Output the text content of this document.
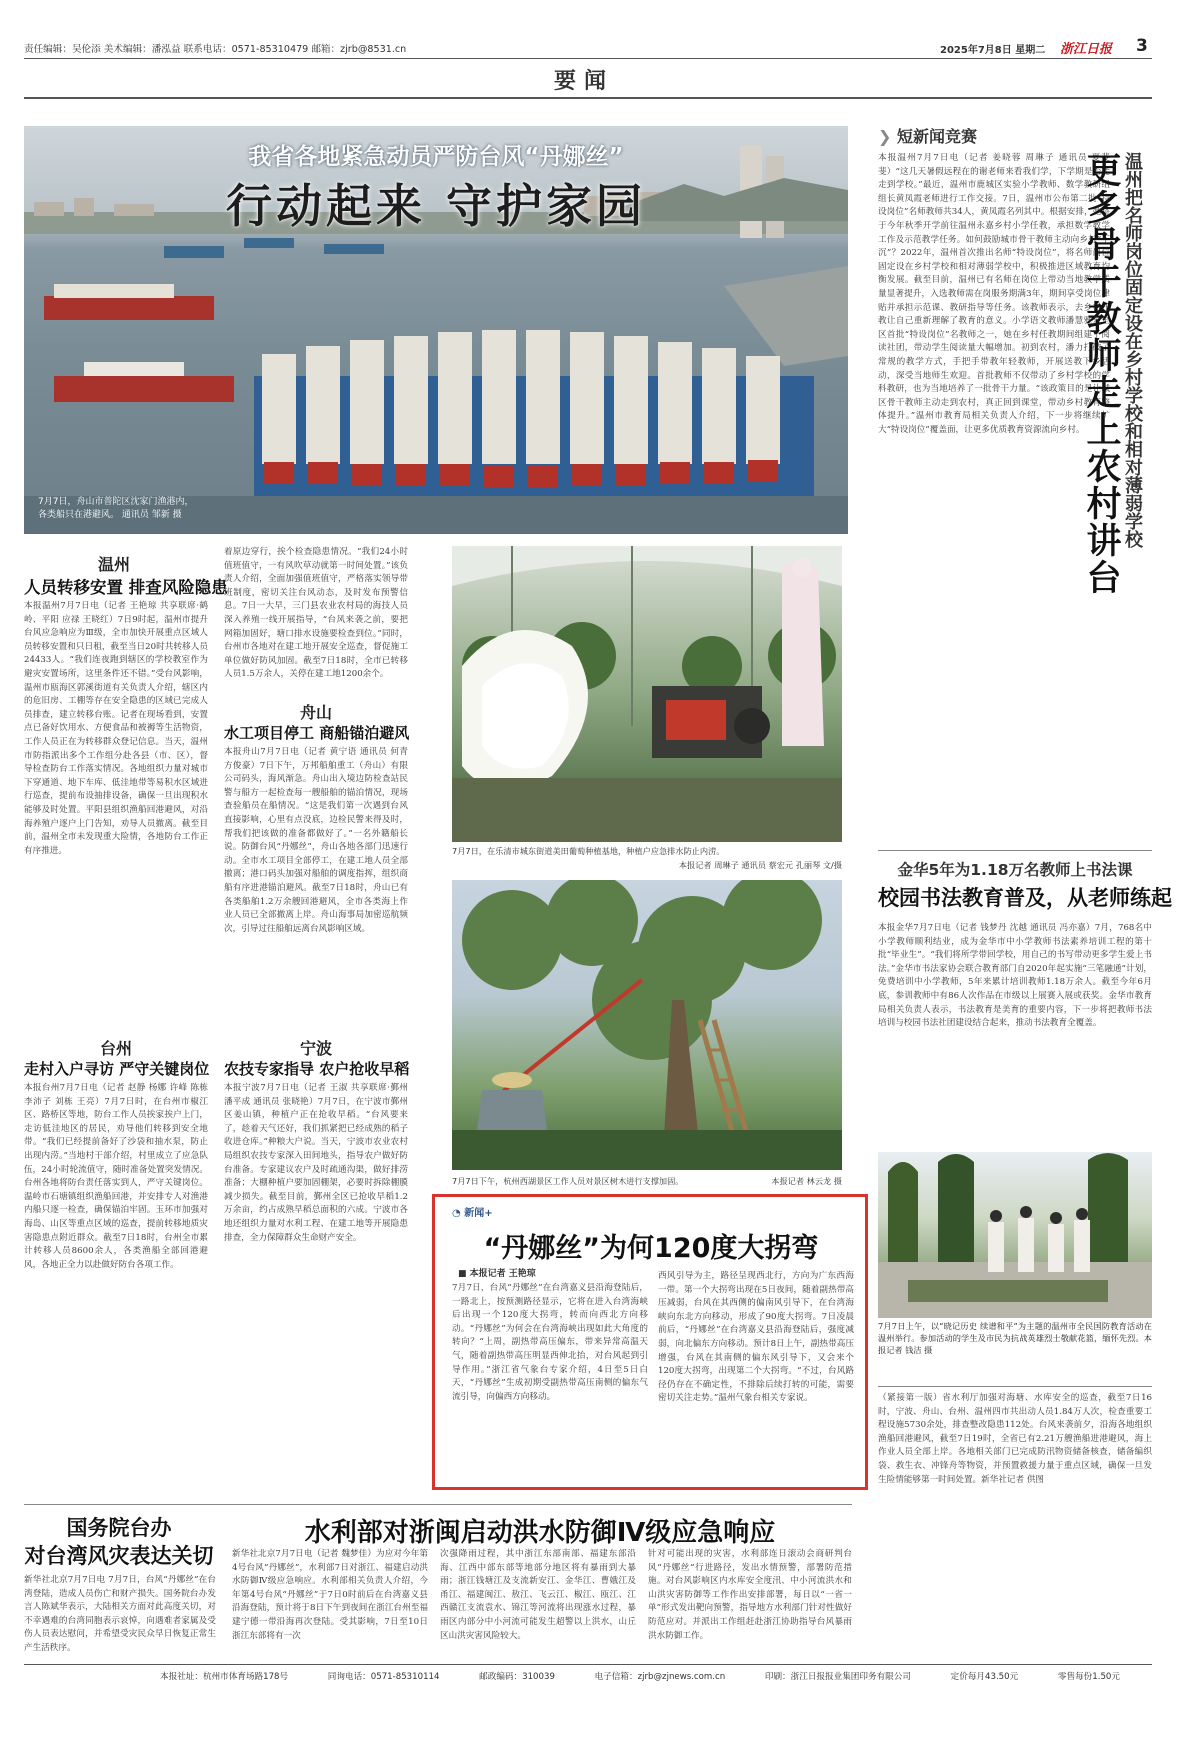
责任编辑：吴伦添 美术编辑：潘泓益 联系电话：0571-85310479 邮箱：zjrb@8531.cn	2025年7月8日 星期二 浙江日报 3
要闻
我省各地紧急动员严防台风“丹娜丝”
行动起来 守护家园
7月7日，舟山市普陀区沈家门渔港内，
各类船只在港避风。 通讯员 邹新 摄
❯ 短新闻竞赛
本报温州7月7日电（记者 姜晓蓉 周琳子 通讯员 夏斐斐）“这几天暑假远程在的谢老师来看我们学，下学期是否能走到学校。”最近，温州市鹿城区实验小学教师、数学教研组组长黄凤霞老师进行工作交接。7日，温州市公布第二批“特设岗位”名师教师共34人，黄凤霞名列其中。根据安排，她将于今年秋季开学前往温州永嘉乡村小学任教，承担数学教学工作及示范教学任务。如何鼓励城市骨干教师主动向乡村“下沉”？2022年，温州首次推出名师“特设岗位”，将名师岗位固定设在乡村学校和相对薄弱学校中，积极推进区域教育均衡发展。截至目前，温州已有名师在岗位上带动当地教学质量显著提升，入选教师需在岗服务期满3年，期间享受岗位津贴并承担示范课、教研指导等任务。该教师表示，去乡村任教让自己重新理解了教育的意义。小学语文教师潘慧雅是全区首批“特设岗位”名教师之一，她在乡村任教期间组建了阅读社团，带动学生阅读量大幅增加。初到农村，潘力打破了常规的教学方式，手把手带教年轻教师，开展送教下乡活动，深受当地师生欢迎。首批教师不仅带动了乡村学校的学科教研，也为当地培养了一批骨干力量。“该政策目的是让城区骨干教师主动走到农村，真正回到课堂，带动乡村教育整体提升。”温州市教育局相关负责人介绍，下一步将继续扩大“特设岗位”覆盖面，让更多优质教育资源流向乡村。	温州把名师岗位固定设在乡村学校和相对薄弱学校
更多骨干教师走上农村讲台
金华5年为1.18万名教师上书法课
校园书法教育普及，从老师练起
本报金华7月7日电（记者 钱梦丹 沈越 通讯员 冯亦嘉）7月，768名中小学教师顺利结业，成为金华市中小学教师书法素养培训工程的第十批“毕业生”。“我们将所学带回学校，用自己的书写带动更多学生爱上书法。”金华市书法家协会联合教育部门自2020年起实施“三笔融通”计划，免费培训中小学教师，5年来累计培训教师1.18万余人。截至今年6月底，参训教师中有86人次作品在市级以上展赛入展或获奖。金华市教育局相关负责人表示，书法教育是美育的重要内容，下一步将把教师书法培训与校园书法社团建设结合起来，推动书法教育全覆盖。
7月7日上午，以“晓记历史 续谱和平”为主题的温州市全民国防教育活动在温州举行。参加活动的学生及市民为抗战英雄烈士敬献花篮，缅怀先烈。本报记者 钱洁 摄
（紧接第一版）省水利厅加强对海塘、水库安全的巡查，截至7日16时，宁波、舟山、台州、温州四市共出动人员1.84万人次，检查重要工程设施5730余处，排查整改隐患112处。台风来袭前夕，沿海各地组织渔船回港避风，截至7日19时，全省已有2.21万艘渔船进港避风，海上作业人员全部上岸。各地相关部门已完成防汛物资储备核查，储备编织袋、救生衣、冲锋舟等物资，并预置救援力量于重点区域，确保一旦发生险情能够第一时间处置。新华社记者 供图
温州
人员转移安置 排查风险隐患
本报温州7月7日电（记者 王艳琼 共享联席·鹤岭、平阳 应禄 王晓红）7日9时起，温州市提升台风应急响应为Ⅲ级，全市加快开展重点区域人员转移安置和只日租，截至当日20时共转移人员24433人。“我们连夜跑到辖区的学校教室作为避灾安置场所，这里条件还不错。”受台风影响，温州市瓯海区郭溪街道有关负责人介绍，辖区内的危旧房、工棚等存在安全隐患的区域已完成人员排查，建立转移台账。记者在现场看到，安置点已备好饮用水、方便食品和被褥等生活物资，工作人员正在为转移群众登记信息。当天，温州市防指派出多个工作组分赴各县（市、区），督导检查防台工作落实情况。各地组织力量对城市下穿通道、地下车库、低洼地带等易积水区域进行巡查，提前布设抽排设备，确保一旦出现积水能够及时处置。平阳县组织渔船回港避风，对沿海养殖户逐户上门告知，劝导人员撤离。截至目前，温州全市未发现重大险情，各地防台工作正有序推进。
着原边穿行，挨个检查隐患情况。“我们24小时值班值守，一有风吹草动就第一时间处置。”该负责人介绍，全面加强值班值守，严格落实领导带班制度，密切关注台风动态，及时发布预警信息。7日一大早，三门县农业农村局的海技人员深入养殖一线开展指导，“台风来袭之前，要把网箱加固好，塘口排水设施要检查到位。”同时，台州市各地对在建工地开展安全巡查，督促施工单位做好防风加固。截至7日18时，全市已转移人员1.5万余人，关停在建工地1200余个。
舟山
水工项目停工 商船锚泊避风
本报舟山7月7日电（记者 黄宁语 通讯员 何青 方俊豪）7日下午，万邦船舶重工（舟山）有限公司码头，海风渐急。舟山出入境边防检查站民警与船方一起检查每一艘船舶的锚泊情况，现场查验船员在船情况。“这是我们第一次遇到台风直接影响，心里有点没底，边检民警来得及时，帮我们把该做的准备都做好了。”一名外籍船长说。防御台风“丹娜丝”，舟山各地各部门迅速行动。全市水工项目全部停工，在建工地人员全部撤离；港口码头加强对船舶的调度指挥，组织商船有序进港锚泊避风。截至7日18时，舟山已有各类船舶1.2万余艘回港避风，全市各类海上作业人员已全部撤离上岸。舟山海事局加密巡航频次，引导过往船舶远离台风影响区域。
7月7日，在乐清市城东街道美田葡萄种植基地，种植户应急排水防止内涝。
本报记者 周琳子 通讯员 蔡宏元 孔丽琴 文/摄
7月7日下午，杭州西湖景区工作人员对景区树木进行支撑加固。	本报记者 林云龙 摄
台州
走村入户寻访 严守关键岗位
本报台州7月7日电（记者 赵静 杨娜 许峰 陈栋 李沛子 刘栋 王亮）7月7日时，在台州市椒江区、路桥区等地，防台工作人员挨家挨户上门，走访低洼地区的居民，劝导他们转移到安全地带。“我们已经提前备好了沙袋和抽水泵，防止出现内涝。”当地村干部介绍，村里成立了应急队伍，24小时轮流值守，随时准备处置突发情况。台州各地将防台责任落实到人，严守关键岗位。温岭市石塘镇组织渔船回港，并安排专人对渔港内船只逐一检查，确保锚泊牢固。玉环市加强对海岛、山区等重点区域的巡查，提前转移地质灾害隐患点附近群众。截至7日18时，台州全市累计转移人员8600余人，各类渔船全部回港避风，各地正全力以赴做好防台各项工作。
宁波
农技专家指导 农户抢收早稻
本报宁波7月7日电（记者 王淑 共享联席·鄞州 潘平成 通讯员 张晓艳）7月7日，在宁波市鄞州区姜山镇，种植户正在抢收早稻。“台风要来了，趁着天气还好，我们抓紧把已经成熟的稻子收进仓库。”种粮大户说。当天，宁波市农业农村局组织农技专家深入田间地头，指导农户做好防台准备。专家建议农户及时疏通沟渠，做好排涝准备；大棚种植户要加固棚架，必要时拆除棚膜减少损失。截至目前，鄞州全区已抢收早稻1.2万余亩，约占成熟早稻总面积的六成。宁波市各地还组织力量对水利工程、在建工地等开展隐患排查，全力保障群众生命财产安全。
◔ 新闻+
“丹娜丝”为何120度大拐弯
■ 本报记者 王艳琼
7月7日，台风“丹娜丝”在台湾嘉义县沿海登陆后，一路北上，按预测路径显示，它将在进入台湾海峡后出现一个120度大拐弯，转而向西北方向移动。“丹娜丝”为何会在台湾海峡出现如此大角度的转向？“上周，副热带高压偏东，带来异常高温天气，随着副热带高压明显西伸北抬，对台风起到引导作用。”浙江省气象台专家介绍，4日至5日白天，“丹娜丝”生成初期受副热带高压南侧的偏东气流引导，向偏西方向移动。
西风引导为主，路径呈现西北行，方向为广东西海一带。第一个大拐弯出现在5日夜间，随着副热带高压减弱，台风在其西侧的偏南风引导下，在台湾海峡向东北方向移动，形成了90度大拐弯。7日凌晨前后，“丹娜丝”在台湾嘉义县沿海登陆后，强度减弱，向北偏东方向移动。预计8日上午，副热带高压增强，台风在其南侧的偏东风引导下，又会来个120度大拐弯，出现第二个大拐弯。“不过，台风路径仍存在不确定性，不排除后续打转的可能，需要密切关注走势。”温州气象台相关专家说。
国务院台办
对台湾风灾表达关切
新华社北京7月7日电 7月7日，台风“丹娜丝”在台湾登陆，造成人员伤亡和财产损失。国务院台办发言人陈斌华表示，大陆相关方面对此高度关切，对不幸遇难的台湾同胞表示哀悼，向遇难者家属及受伤人员表达慰问，并希望受灾民众早日恢复正常生产生活秩序。
水利部对浙闽启动洪水防御Ⅳ级应急响应
新华社北京7月7日电（记者 魏梦佳）为应对今年第4号台风“丹娜丝”，水利部7日对浙江、福建启动洪水防御Ⅳ级应急响应。水利部相关负责人介绍，今年第4号台风“丹娜丝”于7日0时前后在台湾嘉义县沿海登陆，预计将于8日下午到夜间在浙江台州至福建宁德一带沿海再次登陆。受其影响，7日至10日浙江东部将有一次
次强降雨过程，其中浙江东部南部、福建东部沿海、江西中部东部等地部分地区将有暴雨到大暴雨；浙江钱塘江及支流新安江、金华江、曹娥江及甬江、福建闽江、敖江、飞云江、椒江、瓯江、江西赣江支流袁水、锦江等河流将出现涨水过程，暴雨区内部分中小河流可能发生超警以上洪水，山丘区山洪灾害风险较大。
针对可能出现的灾害，水利部连日滚动会商研判台风“丹娜丝”行进路径，发出水情预警，部署防范措施。对台风影响区内水库安全度汛、中小河流洪水和山洪灾害防御等工作作出安排部署，每日以“一省一单”形式发出靶向预警，指导地方水利部门针对性做好防范应对。并派出工作组赶赴浙江协助指导台风暴雨洪水防御工作。
本报社址：杭州市体育场路178号	同询电话：0571-85310114	邮政编码：310039	电子信箱：zjrb@zjnews.com.cn	印刷：浙江日报报业集团印务有限公司	定价每月43.50元	零售每份1.50元
